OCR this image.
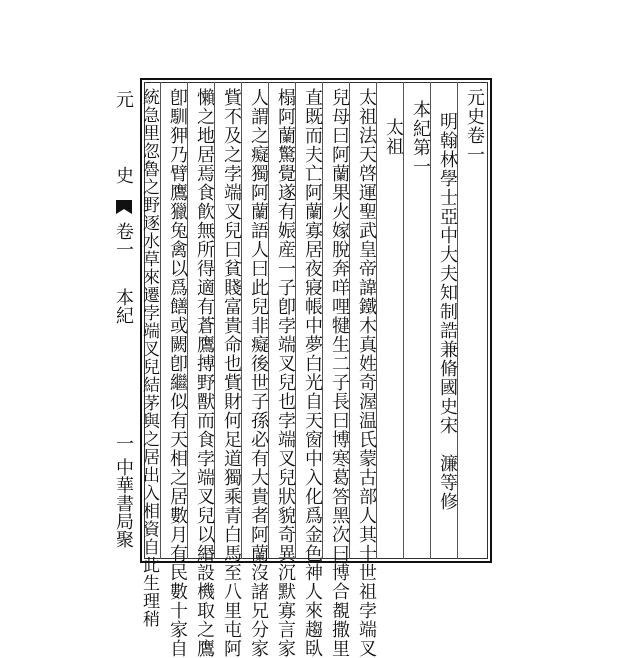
元
史
卷一
本紀
一
中華書局聚
元史卷一
明翰林學士亞中大夫知制誥兼脩國史宋　濂等修
本紀第一
太祖
太祖法天啓運聖武皇帝諱鐵木真姓奇渥温氏蒙古部人其十世祖孛端叉
兒母曰阿蘭果火嫁脫奔咩哩犍生二子長曰博寒葛答黑次曰博合覩撒里
直既而夫亡阿蘭寡居夜寢帳中夢白光自天窗中入化爲金色神人來趨臥
榻阿蘭驚覺遂有娠産一子卽孛端叉兒也孛端叉兒狀貌奇異沉默寡言家
人謂之癡獨阿蘭語人曰此兒非癡後世子孫必有大貴者阿蘭沒諸兄分家
貲不及之孛端叉兒曰貧賤富貴命也貲財何足道獨乘青白馬至八里屯阿
懶之地居焉食飮無所得適有蒼鷹搏野獸而食孛端叉兒以緡設機取之鷹
卽馴狎乃臂鷹獵兔禽以爲饍或闕卽繼似有天相之居數月有民數十家自
統急里忽魯之野逐水草來遷孛端叉兒結茅與之居出入相資自此生理稍
